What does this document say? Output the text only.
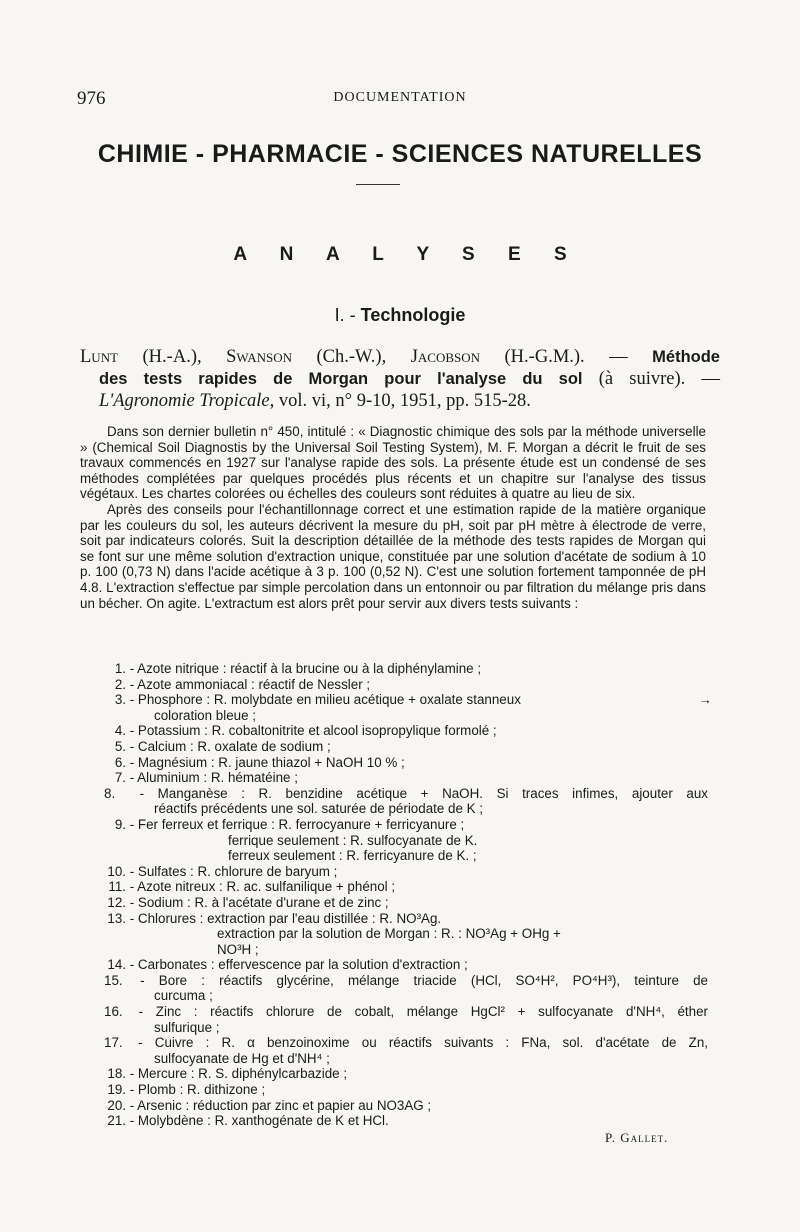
976	DOCUMENTATION
CHIMIE - PHARMACIE - SCIENCES NATURELLES
A N A L Y S E S
I. - Technologie
Lunt (H.-A.), Swanson (Ch.-W.), Jacobson (H.-G.M.). — Méthode
des tests rapides de Morgan pour l'analyse du sol (à suivre). —
L'Agronomie Tropicale, vol. vi, n° 9-10, 1951, pp. 515-28.

Dans son dernier bulletin n° 450, intitulé : « Diagnostic chimique des sols par la méthode universelle » (Chemical Soil Diagnostis by the Universal Soil Testing System), M. F. Morgan a décrit le fruit de ses travaux commencés en 1927 sur l'analyse rapide des sols. La présente étude est un condensé de ses méthodes complétées par quelques procédés plus récents et un chapitre sur l'analyse des tissus végétaux. Les chartes colorées ou échelles des couleurs sont réduites à quatre au lieu de six.

Après des conseils pour l'échantillonnage correct et une estimation rapide de la matière organique par les couleurs du sol, les auteurs décrivent la mesure du pH, soit par pH mètre à électrode de verre, soit par indicateurs colorés. Suit la description détaillée de la méthode des tests rapides de Morgan qui se font sur une même solution d'extraction unique, constituée par une solution d'acétate de sodium à 10 p. 100 (0,73 N) dans l'acide acétique à 3 p. 100 (0,52 N). C'est une solution fortement tamponnée de pH 4.8. L'extraction s'effectue par simple percolation dans un entonnoir ou par filtration du mélange pris dans un bécher. On agite. L'extractum est alors prêt pour servir aux divers tests suivants :

1. - Azote nitrique : réactif à la brucine ou à la diphénylamine ;
2. - Azote ammoniacal : réactif de Nessler ;
3. - Phosphore : R. molybdate en milieu acétique + oxalate stanneux	→
coloration bleue ;
4. - Potassium : R. cobaltonitrite et alcool isopropylique formolé ;
5. - Calcium : R. oxalate de sodium ;
6. - Magnésium : R. jaune thiazol + NaOH 10 % ;
7. - Aluminium : R. hématéine ;
8. - Manganèse : R. benzidine acétique + NaOH. Si traces infimes, ajouter aux
réactifs précédents une sol. saturée de périodate de K ;
9. - Fer ferreux et ferrique : R. ferrocyanure + ferricyanure ;
ferrique seulement : R. sulfocyanate de K.
ferreux seulement : R. ferricyanure de K. ;
10. - Sulfates : R. chlorure de baryum ;
11. - Azote nitreux : R. ac. sulfanilique + phénol ;
12. - Sodium : R. à l'acétate d'urane et de zinc ;
13. - Chlorures : extraction par l'eau distillée : R. NO³Ag.
extraction par la solution de Morgan : R. : NO³Ag + OHg +
NO³H ;
14. - Carbonates : effervescence par la solution d'extraction ;
15. - Bore : réactifs glycérine, mélange triacide (HCl, SO⁴H², PO⁴H³), teinture de
curcuma ;
16. - Zinc : réactifs chlorure de cobalt, mélange HgCl² + sulfocyanate d'NH⁴, éther
sulfurique ;
17. - Cuivre : R. α benzoinoxime ou réactifs suivants : FNa, sol. d'acétate de Zn,
sulfocyanate de Hg et d'NH⁴ ;
18. - Mercure : R. S. diphénylcarbazide ;
19. - Plomb : R. dithizone ;
20. - Arsenic : réduction par zinc et papier au NO3AG ;
21. - Molybdène : R. xanthogénate de K et HCl.
P. Gallet.
